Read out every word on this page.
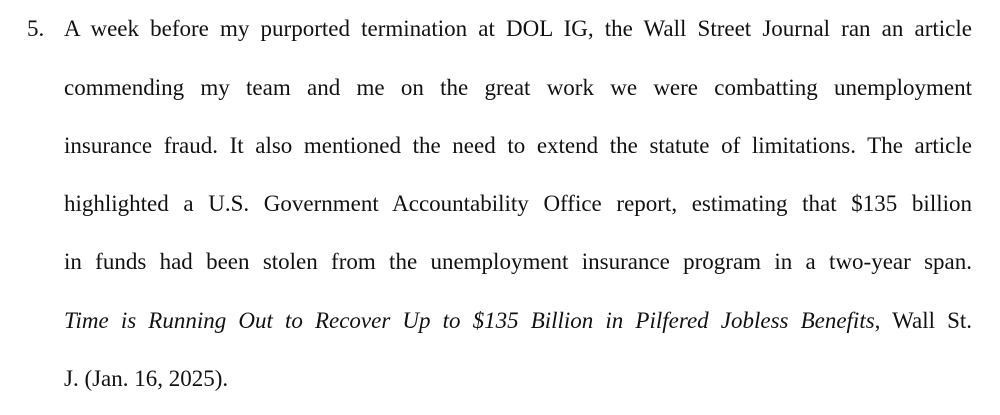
5. A week before my purported termination at DOL IG, the Wall Street Journal ran an article
commending my team and me on the great work we were combatting unemployment
insurance fraud. It also mentioned the need to extend the statute of limitations. The article
highlighted a U.S. Government Accountability Office report, estimating that $135 billion
in funds had been stolen from the unemployment insurance program in a two-year span.
Time is Running Out to Recover Up to $135 Billion in Pilfered Jobless Benefits, Wall St.
J. (Jan. 16, 2025).
